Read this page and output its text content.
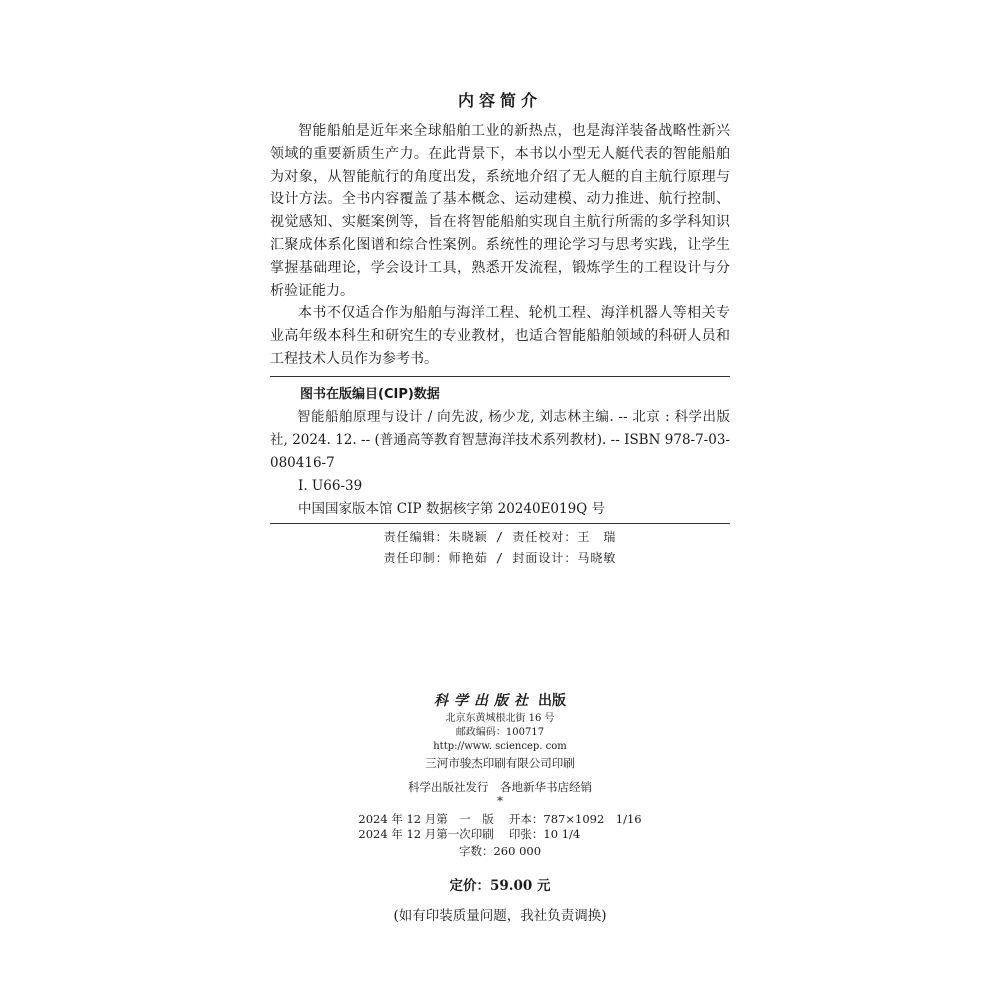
内容简介

智能船舶是近年来全球船舶工业的新热点，也是海洋装备战略性新兴领域的重要新质生产力。在此背景下，本书以小型无人艇代表的智能船舶为对象，从智能航行的角度出发，系统地介绍了无人艇的自主航行原理与设计方法。全书内容覆盖了基本概念、运动建模、动力推进、航行控制、视觉感知、实艇案例等，旨在将智能船舶实现自主航行所需的多学科知识汇聚成体系化图谱和综合性案例。系统性的理论学习与思考实践，让学生掌握基础理论，学会设计工具，熟悉开发流程，锻炼学生的工程设计与分析验证能力。

本书不仅适合作为船舶与海洋工程、轮机工程、海洋机器人等相关专业高年级本科生和研究生的专业教材，也适合智能船舶领域的科研人员和工程技术人员作为参考书。

图书在版编目(CIP)数据

智能船舶原理与设计 / 向先波, 杨少龙, 刘志林主编. -- 北京 : 科学出版社, 2024. 12. -- (普通高等教育智慧海洋技术系列教材). -- ISBN 978-7-03-080416-7

Ⅰ. U66-39

中国国家版本馆 CIP 数据核字第 20240E019Q 号

责任编辑：朱晓颖 / 责任校对：王　瑞
责任印制：师艳茹 / 封面设计：马晓敏
科学出版社 出版
北京东黄城根北街 16 号
邮政编码：100717
http://www. sciencep. com
三河市骏杰印刷有限公司印刷
科学出版社发行　各地新华书店经销
*
2024 年 12 月第　一　版　 开本：787×1092　1/16
2024 年 12 月第一次印刷　 印张：10 1/4
字数：260 000
定价：59.00 元
(如有印装质量问题，我社负责调换)
